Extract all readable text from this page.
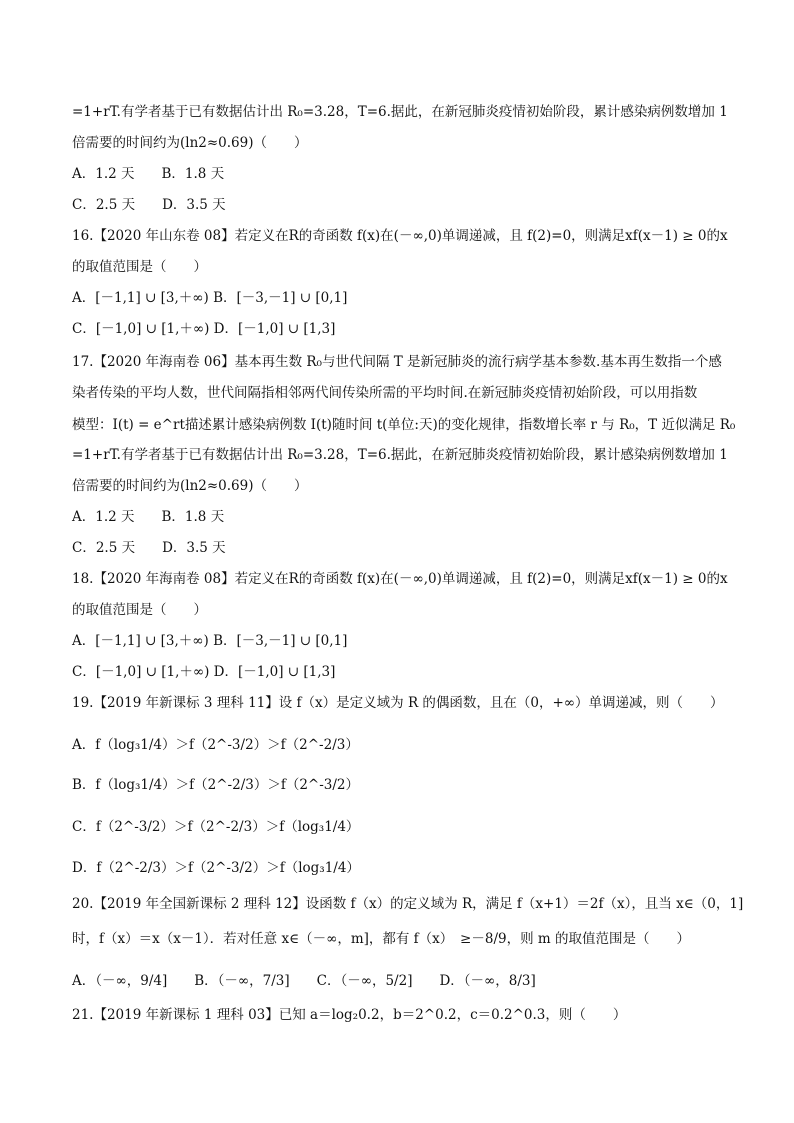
=1+rT.有学者基于已有数据估计出 R₀=3.28，T=6.据此，在新冠肺炎疫情初始阶段，累计感染病例数增加 1
倍需要的时间约为(ln2≈0.69)（　　）
A．1.2 天　　B．1.8 天
C．2.5 天　　D．3.5 天
16.【2020 年山东卷 08】若定义在R的奇函数 f(x)在(－∞,0)单调递减，且 f(2)=0，则满足xf(x－1) ≥ 0的x
的取值范围是（　　）
A．[－1,1] ∪ [3,＋∞) B．[－3,－1] ∪ [0,1]
C．[－1,0] ∪ [1,＋∞) D．[－1,0] ∪ [1,3]
17.【2020 年海南卷 06】基本再生数 R₀与世代间隔 T 是新冠肺炎的流行病学基本参数.基本再生数指一个感
染者传染的平均人数，世代间隔指相邻两代间传染所需的平均时间.在新冠肺炎疫情初始阶段，可以用指数
模型：I(t) = e^rt描述累计感染病例数 I(t)随时间 t(单位:天)的变化规律，指数增长率 r 与 R₀，T 近似满足 R₀
=1+rT.有学者基于已有数据估计出 R₀=3.28，T=6.据此，在新冠肺炎疫情初始阶段，累计感染病例数增加 1
倍需要的时间约为(ln2≈0.69)（　　）
A．1.2 天　　B．1.8 天
C．2.5 天　　D．3.5 天
18.【2020 年海南卷 08】若定义在R的奇函数 f(x)在(－∞,0)单调递减，且 f(2)=0，则满足xf(x－1) ≥ 0的x
的取值范围是（　　）
A．[－1,1] ∪ [3,＋∞) B．[－3,－1] ∪ [0,1]
C．[－1,0] ∪ [1,＋∞) D．[－1,0] ∪ [1,3]
19.【2019 年新课标 3 理科 11】设 f（x）是定义域为 R 的偶函数，且在（0，+∞）单调递减，则（　　）
A．f（log₃1/4）＞f（2^-3/2）＞f（2^-2/3）
B．f（log₃1/4）＞f（2^-2/3）＞f（2^-3/2）
C．f（2^-3/2）＞f（2^-2/3）＞f（log₃1/4）
D．f（2^-2/3）＞f（2^-3/2）＞f（log₃1/4）
20.【2019 年全国新课标 2 理科 12】设函数 f（x）的定义域为 R，满足 f（x+1）＝2f（x），且当 x∈（0，1]
时，f（x）＝x（x－1）．若对任意 x∈（－∞，m]，都有 f（x）　≥－8/9，则 m 的取值范围是（　　）
A．（－∞，9/4]　　B．（－∞，7/3]　　C．（－∞，5/2]　　D．（－∞，8/3]
21.【2019 年新课标 1 理科 03】已知 a＝log₂0.2，b＝2^0.2，c＝0.2^0.3，则（　　）
